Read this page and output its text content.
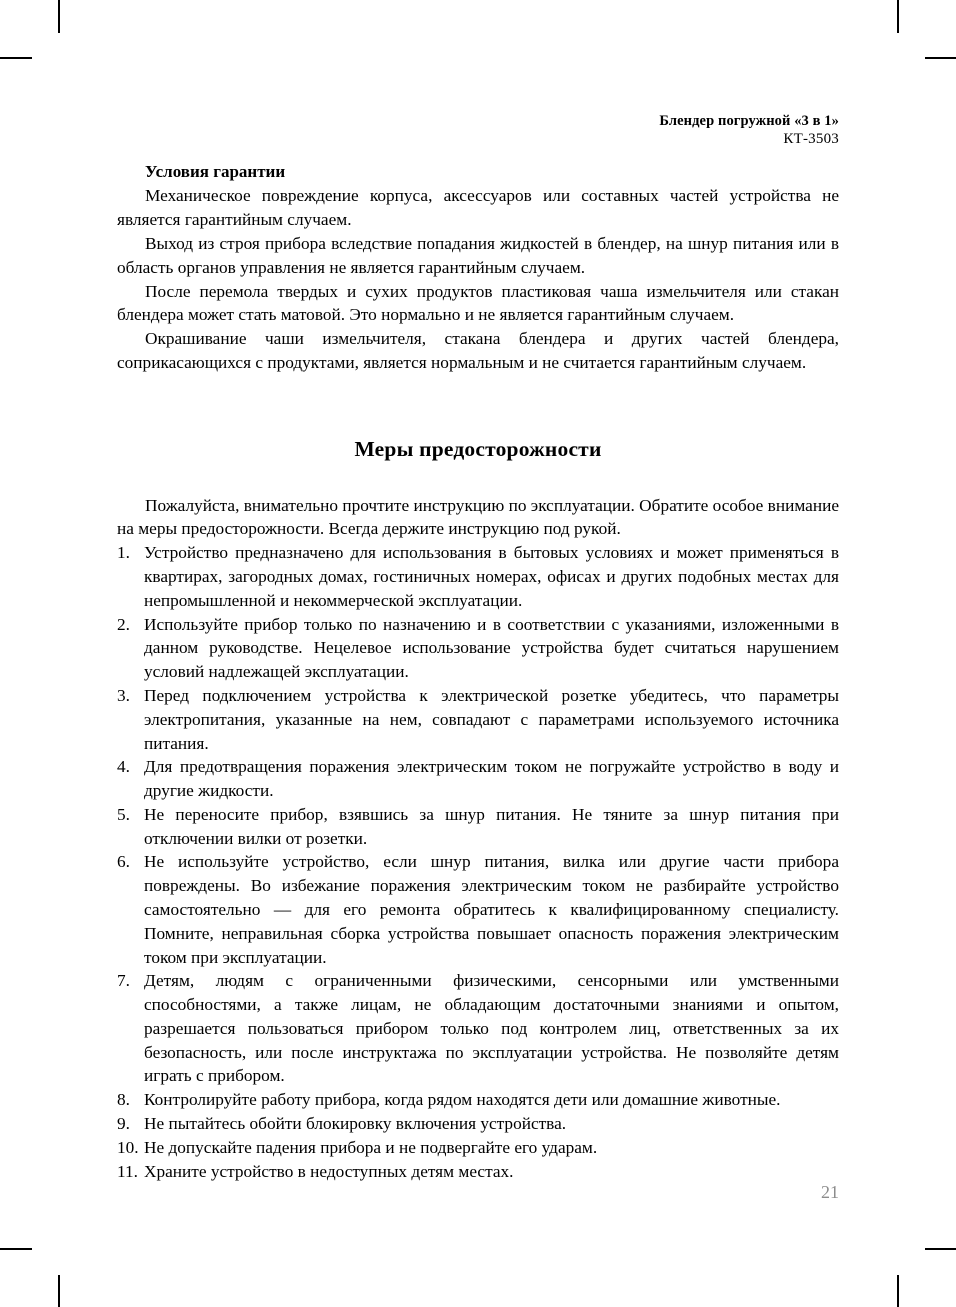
Блендер погружной «3 в 1»
КТ-3503
Условия гарантии

Механическое повреждение корпуса, аксессуаров или составных частей устройства не является гарантийным случаем.

Выход из строя прибора вследствие попадания жидкостей в блендер, на шнур питания или в область органов управления не является гарантийным случаем.

После перемола твердых и сухих продуктов пластиковая чаша измельчителя или стакан блендера может стать матовой. Это нормально и не является гарантийным случаем.

Окрашивание чаши измельчителя, стакана блендера и других частей блендера, соприкасающихся с продуктами, является нормальным и не считается гарантийным случаем.

Меры предосторожности

Пожалуйста, внимательно прочтите инструкцию по эксплуатации. Обратите особое внимание на меры предосторожности. Всегда держите инструкцию под рукой.

1. Устройство предназначено для использования в бытовых условиях и может применяться в квартирах, загородных домах, гостиничных номерах, офисах и других подобных местах для непромышленной и некоммерческой эксплуатации.
2. Используйте прибор только по назначению и в соответствии с указаниями, изложенными в данном руководстве. Нецелевое использование устройства будет считаться нарушением условий надлежащей эксплуатации.
3. Перед подключением устройства к электрической розетке убедитесь, что параметры электропитания, указанные на нем, совпадают с параметрами используемого источника питания.
4. Для предотвращения поражения электрическим током не погружайте устройство в воду и другие жидкости.
5. Не переносите прибор, взявшись за шнур питания. Не тяните за шнур питания при отключении вилки от розетки.
6. Не используйте устройство, если шнур питания, вилка или другие части прибора повреждены. Во избежание поражения электрическим током не разбирайте устройство самостоятельно — для его ремонта обратитесь к квалифицированному специалисту. Помните, неправильная сборка устройства повышает опасность поражения электрическим током при эксплуатации.
7. Детям, людям с ограниченными физическими, сенсорными или умственными способностями, а также лицам, не обладающим достаточными знаниями и опытом, разрешается пользоваться прибором только под контролем лиц, ответственных за их безопасность, или после инструктажа по эксплуатации устройства. Не позволяйте детям играть с прибором.
8. Контролируйте работу прибора, когда рядом находятся дети или домашние животные.
9. Не пытайтесь обойти блокировку включения устройства.
10. Не допускайте падения прибора и не подвергайте его ударам.
11. Храните устройство в недоступных детям местах.
21
